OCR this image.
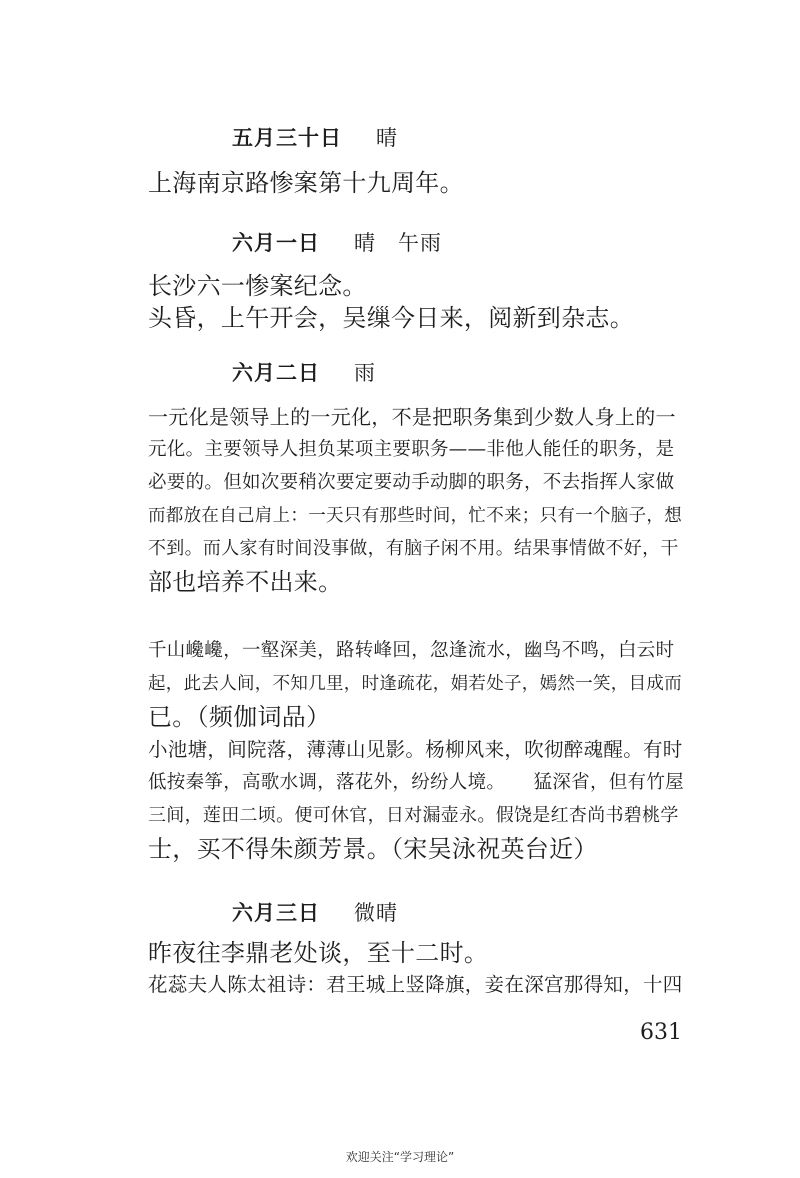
五月三十日 晴
上海南京路惨案第十九周年。
六月一日 晴　午雨
长沙六一惨案纪念。
头昏，上午开会，吴缫今日来，阅新到杂志。
六月二日 雨
一元化是领导上的一元化，不是把职务集到少数人身上的一
元化。主要领导人担负某项主要职务——非他人能任的职务，是
必要的。但如次要稍次要定要动手动脚的职务，不去指挥人家做
而都放在自己肩上：一天只有那些时间，忙不来；只有一个脑子，想
不到。而人家有时间没事做，有脑子闲不用。结果事情做不好，干
部也培养不出来。
千山巉巉，一壑深美，路转峰回，忽逢流水，幽鸟不鸣，白云时
起，此去人间，不知几里，时逢疏花，娟若处子，嫣然一笑，目成而
已。（频伽词品）
小池塘，间院落，薄薄山见影。杨柳风来，吹彻醉魂醒。有时
低按秦筝，高歌水调，落花外，纷纷人境。　　猛深省，但有竹屋
三间，莲田二顷。便可休官，日对漏壶永。假饶是红杏尚书碧桃学
士，买不得朱颜芳景。（宋吴泳祝英台近）
六月三日 微晴
昨夜往李鼎老处谈，至十二时。
花蕊夫人陈太祖诗：君王城上竖降旗，妾在深宫那得知，十四
631
欢迎关注“学习理论”
